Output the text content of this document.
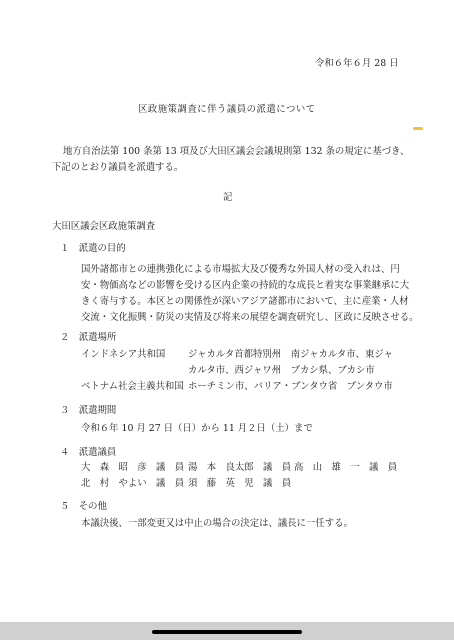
令和６年６月 28 日
区政施策調査に伴う議員の派遣について
地方自治法第 100 条第 13 項及び大田区議会会議規則第 132 条の規定に基づき、
下記のとおり議員を派遣する。
記
大田区議会区政施策調査
１　派遣の目的
国外諸都市との連携強化による市場拡大及び優秀な外国人材の受入れは、円
安・物価高などの影響を受ける区内企業の持続的な成長と着実な事業継承に大
きく寄与する。本区との関係性が深いアジア諸都市において、主に産業・人材
交流・文化振興・防災の実情及び将来の展望を調査研究し、区政に反映させる。
２　派遣場所
インドネシア共和国 ジャカルタ首都特別州　南ジャカルタ市、東ジャ
カルタ市、西ジャワ州　ブカシ県、ブカシ市
ベトナム社会主義共和国 ホーチミン市、バリア・ブンタウ省　ブンタウ市
３　派遣期間
令和６年 10 月 27 日（日）から 11 月２日（土）まで
４　派遣議員
大　森　昭　彦　議　員 湯　本　良太郎　議　員 高　山　雄　一　議　員
北　村　やよい　議　員 須　藤　英　児　議　員
５　その他
本議決後、一部変更又は中止の場合の決定は、議長に一任する。
